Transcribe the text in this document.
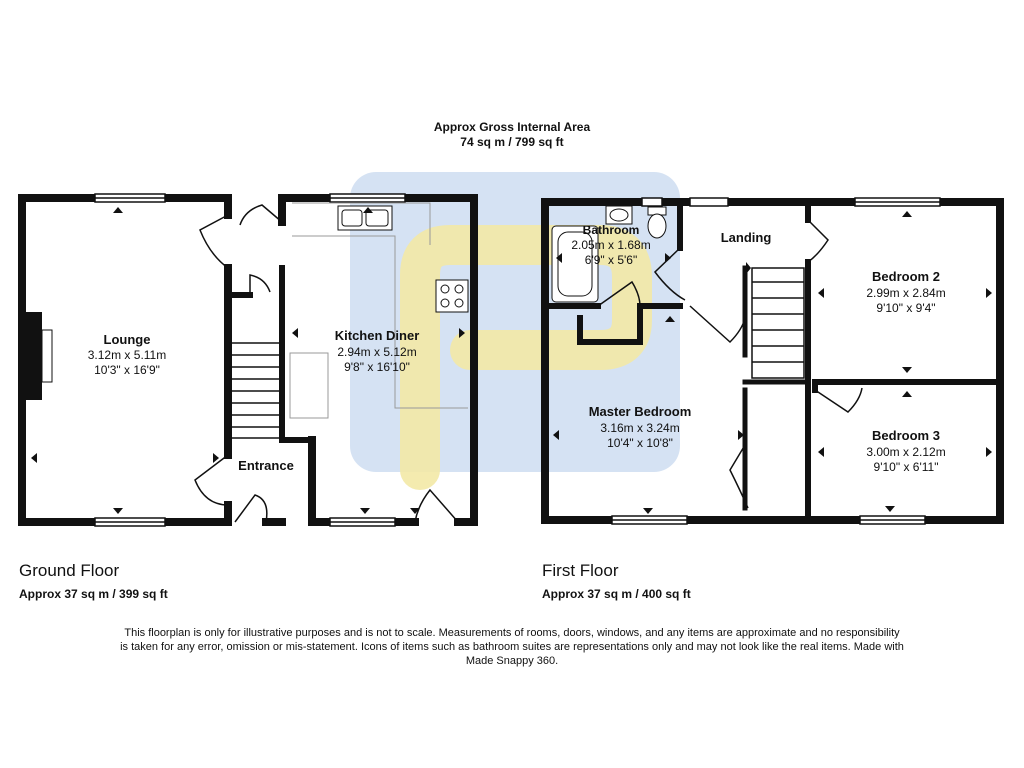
Approx Gross Internal Area
74 sq m / 799 sq ft
Lounge
3.12m x 5.11m
10'3" x 16'9"
Kitchen Diner
2.94m x 5.12m
9'8" x 16'10"
Entrance
Bathroom
2.05m x 1.68m
6'9" x 5'6"
Landing
Bedroom 2
2.99m x 2.84m
9'10" x 9'4"
Master Bedroom
3.16m x 3.24m
10'4" x 10'8"	Bedroom 3
3.00m x 2.12m
9'10" x 6'11"
Ground Floor
Approx 37 sq m / 399 sq ft
First Floor
Approx 37 sq m / 400 sq ft
This floorplan is only for illustrative purposes and is not to scale. Measurements of rooms, doors, windows, and any items are approximate and no responsibility is taken for any error, omission or mis-statement. Icons of items such as bathroom suites are representations only and may not look like the real items. Made with Made Snappy 360.
